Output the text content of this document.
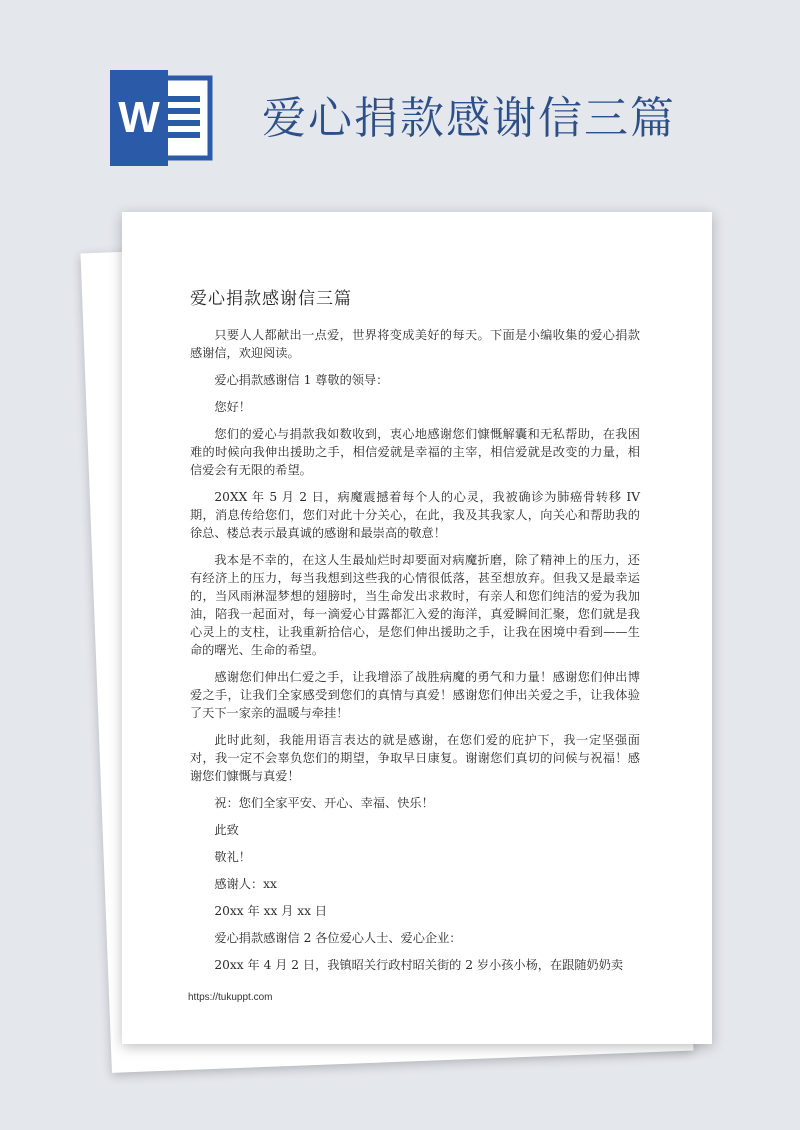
W 爱心捐款感谢信三篇
爱心捐款感谢信三篇

只要人人都献出一点爱，世界将变成美好的每天。下面是小编收集的爱心捐款感谢信，欢迎阅读。

爱心捐款感谢信 1 尊敬的领导：

您好！

您们的爱心与捐款我如数收到，衷心地感谢您们慷慨解囊和无私帮助，在我困难的时候向我伸出援助之手，相信爱就是幸福的主宰，相信爱就是改变的力量，相信爱会有无限的希望。

20XX 年 5 月 2 日，病魔震撼着每个人的心灵，我被确诊为肺癌骨转移 IV 期，消息传给您们，您们对此十分关心，在此，我及其我家人，向关心和帮助我的徐总、楼总表示最真诚的感谢和最崇高的敬意！

我本是不幸的，在这人生最灿烂时却要面对病魔折磨，除了精神上的压力，还有经济上的压力，每当我想到这些我的心情很低落，甚至想放弃。但我又是最幸运的，当风雨淋湿梦想的翅膀时，当生命发出求救时，有亲人和您们纯洁的爱为我加油，陪我一起面对，每一滴爱心甘露都汇入爱的海洋，真爱瞬间汇聚，您们就是我心灵上的支柱，让我重新拾信心，是您们伸出援助之手，让我在困境中看到——生命的曙光、生命的希望。

感谢您们伸出仁爱之手，让我增添了战胜病魔的勇气和力量！感谢您们伸出博爱之手，让我们全家感受到您们的真情与真爱！感谢您们伸出关爱之手，让我体验了天下一家亲的温暖与牵挂！

此时此刻，我能用语言表达的就是感谢，在您们爱的庇护下，我一定坚强面对，我一定不会辜负您们的期望，争取早日康复。谢谢您们真切的问候与祝福！感谢您们慷慨与真爱！

祝：您们全家平安、开心、幸福、快乐！

此致

敬礼！

感谢人：xx

20xx 年 xx 月 xx 日

爱心捐款感谢信 2 各位爱心人士、爱心企业：

20xx 年 4 月 2 日，我镇昭关行政村昭关街的 2 岁小孩小杨，在跟随奶奶卖

https://tukuppt.com
